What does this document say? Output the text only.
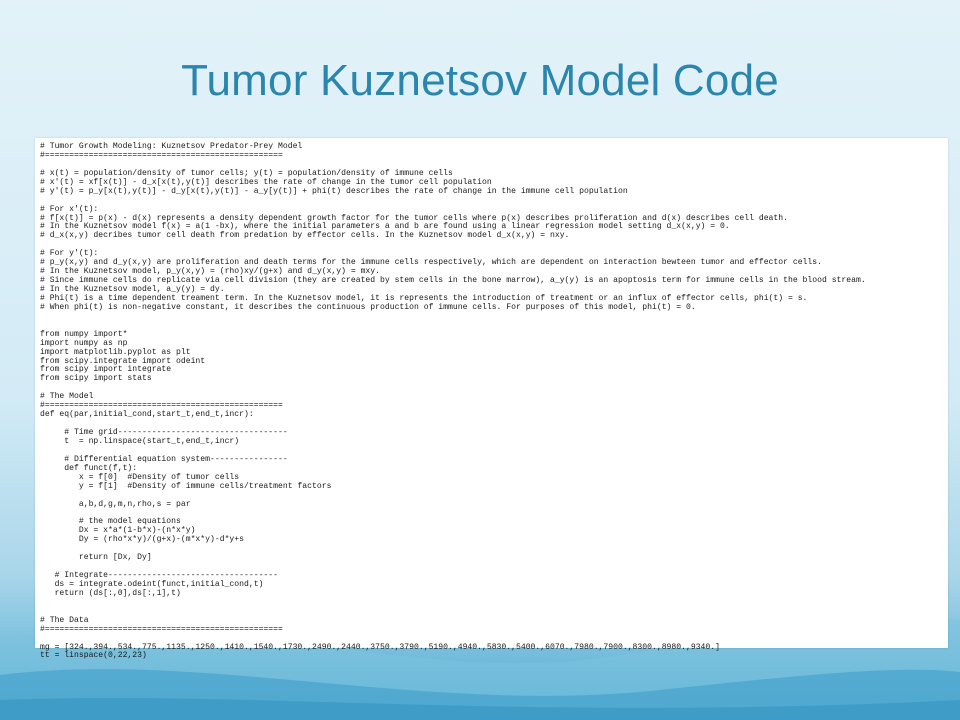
Tumor Kuznetsov Model Code
# Tumor Growth Modeling: Kuznetsov Predator-Prey Model
#=================================================

# x(t) = population/density of tumor cells; y(t) = population/density of immune cells
# x'(t) = xf[x(t)] - d_x[x(t),y(t)] describes the rate of change in the tumor cell population
# y'(t) = p_y[x(t),y(t)] - d_y[x(t),y(t)] - a_y[y(t)] + phi(t) describes the rate of change in the immune cell population

# For x'(t):
# f[x(t)] = p(x) - d(x) represents a density dependent growth factor for the tumor cells where p(x) describes proliferation and d(x) describes cell death.
# In the Kuznetsov model f(x) = a(1 -bx), where the initial parameters a and b are found using a linear regression model setting d_x(x,y) = 0.
# d_x(x,y) decribes tumor cell death from predation by effector cells. In the Kuznetsov model d_x(x,y) = nxy.

# For y'(t):
# p_y(x,y) and d_y(x,y) are proliferation and death terms for the immune cells respectively, which are dependent on interaction bewteen tumor and effector cells.
# In the Kuznetsov model, p_y(x,y) = (rho)xy/(g+x) and d_y(x,y) = mxy.
# Since immune cells do replicate via cell division (they are created by stem cells in the bone marrow), a_y(y) is an apoptosis term for immune cells in the blood stream.
# In the Kuznetsov model, a_y(y) = dy.
# Phi(t) is a time dependent treament term. In the Kuznetsov model, it is represents the introduction of treatment or an influx of effector cells, phi(t) = s.
# When phi(t) is non-negative constant, it describes the continuous production of immune cells. For purposes of this model, phi(t) = 0.

from numpy import*
import numpy as np
import matplotlib.pyplot as plt
from scipy.integrate import odeint
from scipy import integrate
from scipy import stats

# The Model
#=================================================
def eq(par,initial_cond,start_t,end_t,incr):

# Time grid-----------------------------------
t  = np.linspace(start_t,end_t,incr)

# Differential equation system----------------
def funct(f,t):
x = f[0]  #Density of tumor cells
y = f[1]  #Density of immune cells/treatment factors

a,b,d,g,m,n,rho,s = par

# the model equations
Dx = x*a*(1-b*x)-(n*x*y)
Dy = (rho*x*y)/(g+x)-(m*x*y)-d*y+s

return [Dx, Dy]

# Integrate-----------------------------------
ds = integrate.odeint(funct,initial_cond,t)
return (ds[:,0],ds[:,1],t)

# The Data
#=================================================

mg = [324.,394.,534.,775.,1135.,1250.,1410.,1540.,1730.,2490.,2440.,3750.,3790.,5190.,4940.,5830.,5400.,6070.,7980.,7900.,8300.,8980.,9340.]
tt = linspace(0,22,23)
